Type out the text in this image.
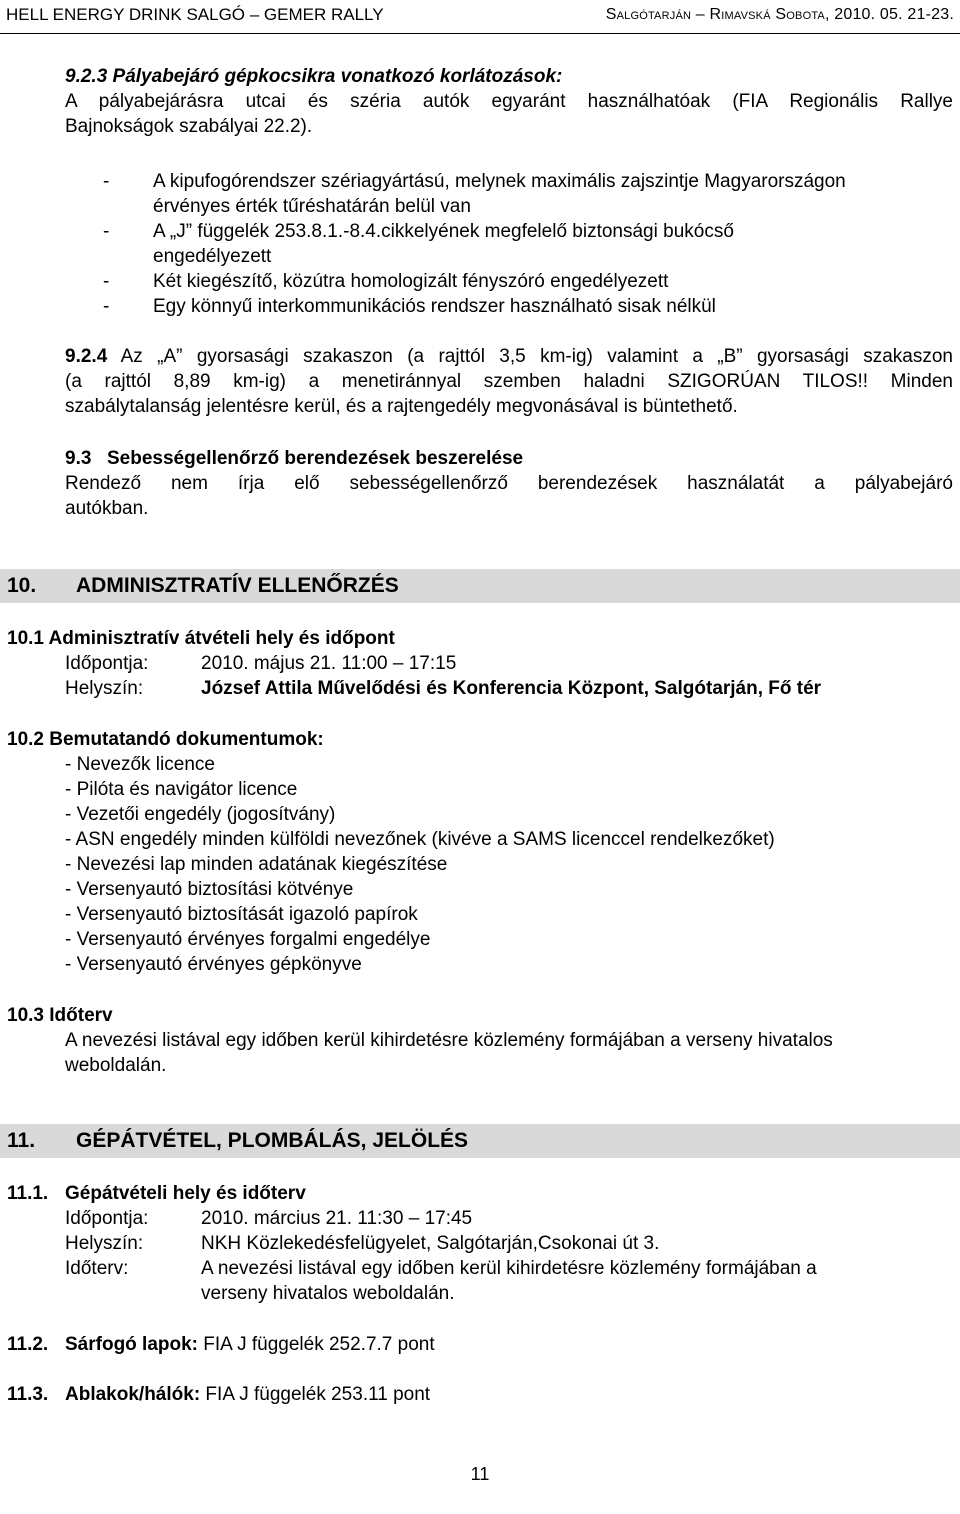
HELL ENERGY DRINK SALGÓ – GEMER RALLY	Salgótarján – Rimavská Sobota, 2010. 05. 21-23.
9.2.3 Pályabejáró gépkocsikra vonatkozó korlátozások:
A pályabejárásra utcai és széria autók egyaránt használhatóak (FIA Regionális Rallye
Bajnokságok szabályai 22.2).
- A kipufogórendszer szériagyártású, melynek maximális zajszintje Magyarországon
érvényes érték tűréshatárán belül van
- A „J” függelék 253.8.1.-8.4.cikkelyének megfelelő biztonsági bukócső
engedélyezett
- Két kiegészítő, közútra homologizált fényszóró engedélyezett
- Egy könnyű interkommunikációs rendszer használható sisak nélkül
9.2.4 Az „A” gyorsasági szakaszon (a rajttól 3,5 km-ig) valamint a „B” gyorsasági szakaszon
(a rajttól 8,89 km-ig) a menetiránnyal szemben haladni SZIGORÚAN TILOS!! Minden
szabálytalanság jelentésre kerül, és a rajtengedély megvonásával is büntethető.
9.3 Sebességellenőrző berendezések beszerelése
Rendező nem írja elő sebességellenőrző berendezések használatát a pályabejáró
autókban.
10. ADMINISZTRATÍV ELLENŐRZÉS
10.1 Adminisztratív átvételi hely és időpont
Időpontja:	2010. május 21. 11:00 – 17:15
Helyszín:	József Attila Művelődési és Konferencia Központ, Salgótarján, Fő tér
10.2 Bemutatandó dokumentumok:
- Nevezők licence
- Pilóta és navigátor licence
- Vezetői engedély (jogosítvány)
- ASN engedély minden külföldi nevezőnek (kivéve a SAMS licenccel rendelkezőket)
- Nevezési lap minden adatának kiegészítése
- Versenyautó biztosítási kötvénye
- Versenyautó biztosítását igazoló papírok
- Versenyautó érvényes forgalmi engedélye
- Versenyautó érvényes gépkönyve
10.3 Időterv
A nevezési listával egy időben kerül kihirdetésre közlemény formájában a verseny hivatalos
weboldalán.
11. GÉPÁTVÉTEL, PLOMBÁLÁS, JELÖLÉS
11.1. Gépátvételi hely és időterv
Időpontja:	2010. március 21. 11:30 – 17:45
Helyszín:	NKH Közlekedésfelügyelet, Salgótarján,Csokonai út 3.
Időterv:	A nevezési listával egy időben kerül kihirdetésre közlemény formájában a
verseny hivatalos weboldalán.
11.2. Sárfogó lapok: FIA J függelék 252.7.7 pont
11.3. Ablakok/hálók: FIA J függelék 253.11 pont
11
